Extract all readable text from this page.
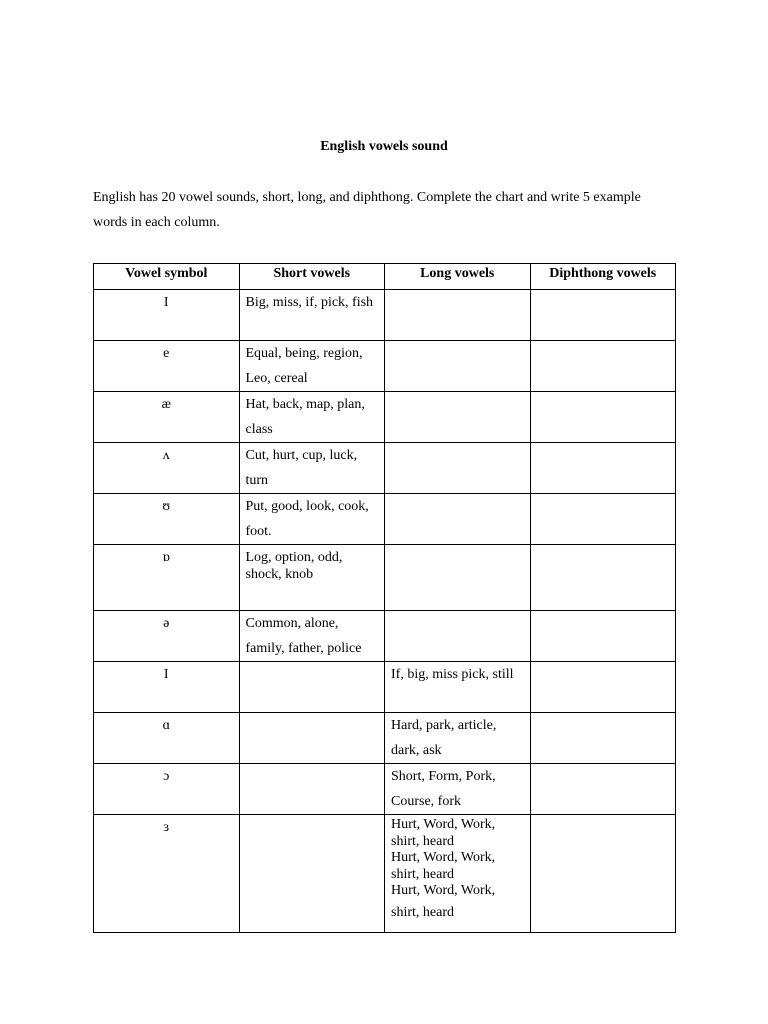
English vowels sound
English has 20 vowel sounds, short, long, and diphthong. Complete the chart and write 5 example words in each column.
Vowel symbol	Short vowels	Long vowels	Diphthong vowels
I	Big, miss, if, pick, fish		
e	Equal, being, region, Leo, cereal		
æ	Hat, back, map, plan, class		
ʌ	Cut, hurt, cup, luck, turn		
ʊ	Put, good, look, cook, foot.		
ɒ	Log, option, odd, shock, knob		

ə	Common, alone, family, father, police		
I		If, big, miss pick, still	
ɑ		Hard, park, article, dark, ask	
ɔ		Short, Form, Pork, Course, fork	
ɜ		Hurt, Word, Work, shirt, heard
Hurt, Word, Work, shirt, heard
Hurt, Word, Work,
shirt, heard	
